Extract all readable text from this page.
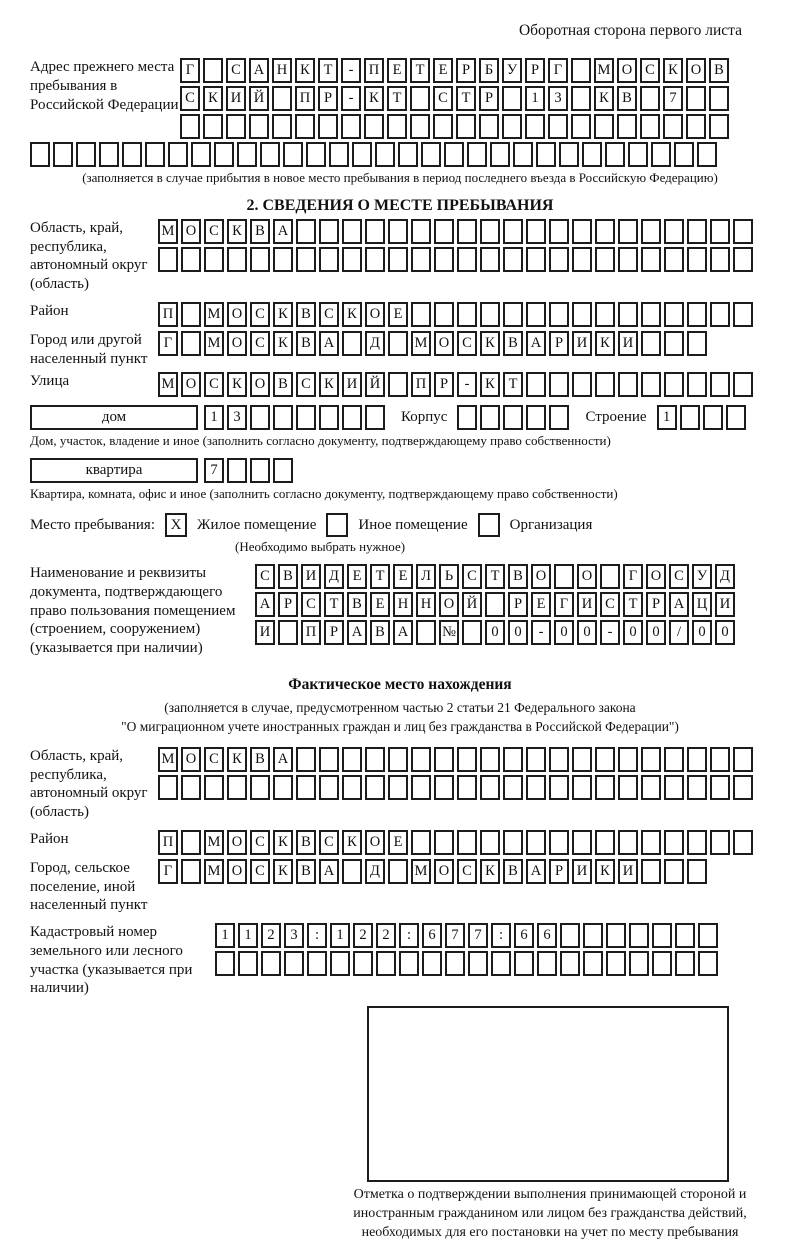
Оборотная сторона первого листа
Адрес прежнего места пребывания в Российской Федерации
Г	С А Н К Т	-	П Е Т Е	Р	Б У Р	Г	М О С К О В
С К И Й	П Р	-	К Т	С Т	Р	1	3	К В	7
(заполняется в случае прибытия в новое место пребывания в период последнего въезда в Российскую Федерацию)
2. СВЕДЕНИЯ О МЕСТЕ ПРЕБЫВАНИЯ
Область, край, республика, автономный округ (область)
М О С К В А
Район	П	М О С К В С К О Е
Город или другой населенный пункт
Г	М О С К В А	Д	М О С К В А Р И К И
Улица	М О С К О В С К И Й	П Р	-	К Т
дом	1	3	Корпус	Строение	1
Дом, участок, владение и иное (заполнить согласно документу, подтверждающему право собственности)
квартира	7
Квартира, комната, офис и иное (заполнить согласно документу, подтверждающему право собственности)
Место пребывания:	X	Жилое помещение	Иное помещение	Организация
(Необходимо выбрать нужное)
Наименование и реквизиты документа, подтверждающего право пользования помещением (строением, сооружением) (указывается при наличии)
С В И Д Е Т Е Л Ь С Т В О	О	Г О С У Д
А Р С Т В Е Н Н О Й	Р	Е Г И С Т	Р А Ц И
И	П Р А В А	№	0	0	-	0	0	-	0	0	/	0	0
Фактическое место нахождения
(заполняется в случае, предусмотренном частью 2 статьи 21 Федерального закона
"О миграционном учете иностранных граждан и лиц без гражданства в Российской Федерации")
Область, край, республика, автономный округ (область)
М О С К В А
Район	П	М О С К В С К О Е
Город, сельское поселение, иной населенный пункт
Г	М О С К В А	Д	М О С К В А Р И К И
Кадастровый номер земельного или лесного участка (указывается при наличии)
1	1	2	3	:	1	2	2	:	6	7	7	:	6	6
Отметка о подтверждении выполнения принимающей стороной и иностранным гражданином или лицом без гражданства действий, необходимых для его постановки на учет по месту пребывания
